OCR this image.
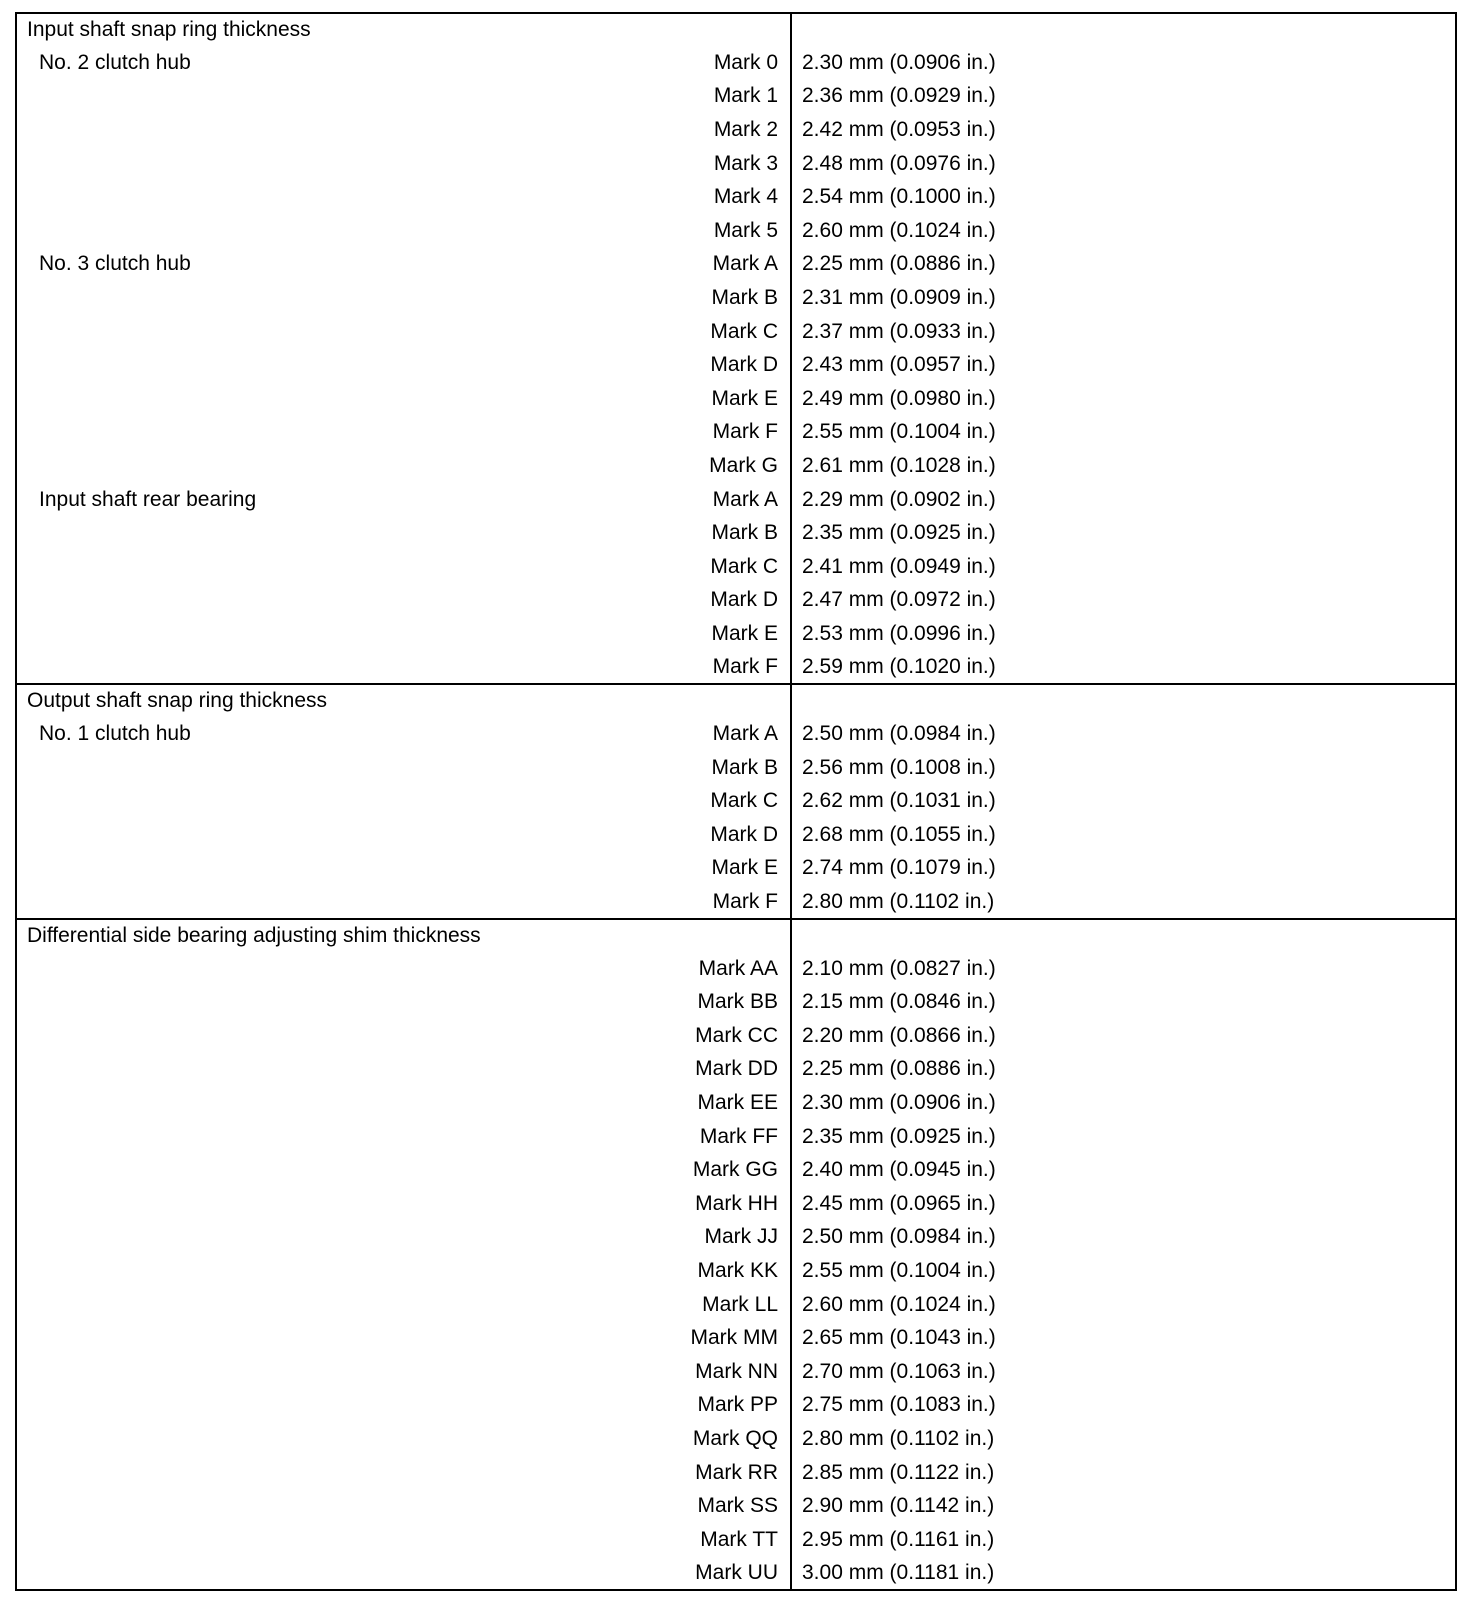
Input shaft snap ring thickness	

No. 2 clutch hub Mark 0	2.30 mm (0.0906 in.)

Mark 1	2.36 mm (0.0929 in.)

Mark 2	2.42 mm (0.0953 in.)

Mark 3	2.48 mm (0.0976 in.)

Mark 4	2.54 mm (0.1000 in.)

Mark 5	2.60 mm (0.1024 in.)

No. 3 clutch hub Mark A	2.25 mm (0.0886 in.)

Mark B	2.31 mm (0.0909 in.)

Mark C	2.37 mm (0.0933 in.)

Mark D	2.43 mm (0.0957 in.)

Mark E	2.49 mm (0.0980 in.)

Mark F	2.55 mm (0.1004 in.)

Mark G	2.61 mm (0.1028 in.)

Input shaft rear bearing Mark A	2.29 mm (0.0902 in.)

Mark B	2.35 mm (0.0925 in.)

Mark C	2.41 mm (0.0949 in.)

Mark D	2.47 mm (0.0972 in.)

Mark E	2.53 mm (0.0996 in.)

Mark F	2.59 mm (0.1020 in.)

Output shaft snap ring thickness	

No. 1 clutch hub Mark A	2.50 mm (0.0984 in.)

Mark B	2.56 mm (0.1008 in.)

Mark C	2.62 mm (0.1031 in.)

Mark D	2.68 mm (0.1055 in.)

Mark E	2.74 mm (0.1079 in.)

Mark F	2.80 mm (0.1102 in.)

Differential side bearing adjusting shim thickness	

Mark AA	2.10 mm (0.0827 in.)

Mark BB	2.15 mm (0.0846 in.)

Mark CC	2.20 mm (0.0866 in.)

Mark DD	2.25 mm (0.0886 in.)

Mark EE	2.30 mm (0.0906 in.)

Mark FF	2.35 mm (0.0925 in.)

Mark GG	2.40 mm (0.0945 in.)

Mark HH	2.45 mm (0.0965 in.)

Mark JJ	2.50 mm (0.0984 in.)

Mark KK	2.55 mm (0.1004 in.)

Mark LL	2.60 mm (0.1024 in.)

Mark MM	2.65 mm (0.1043 in.)

Mark NN	2.70 mm (0.1063 in.)

Mark PP	2.75 mm (0.1083 in.)

Mark QQ	2.80 mm (0.1102 in.)

Mark RR	2.85 mm (0.1122 in.)

Mark SS	2.90 mm (0.1142 in.)

Mark TT	2.95 mm (0.1161 in.)

Mark UU	3.00 mm (0.1181 in.)
